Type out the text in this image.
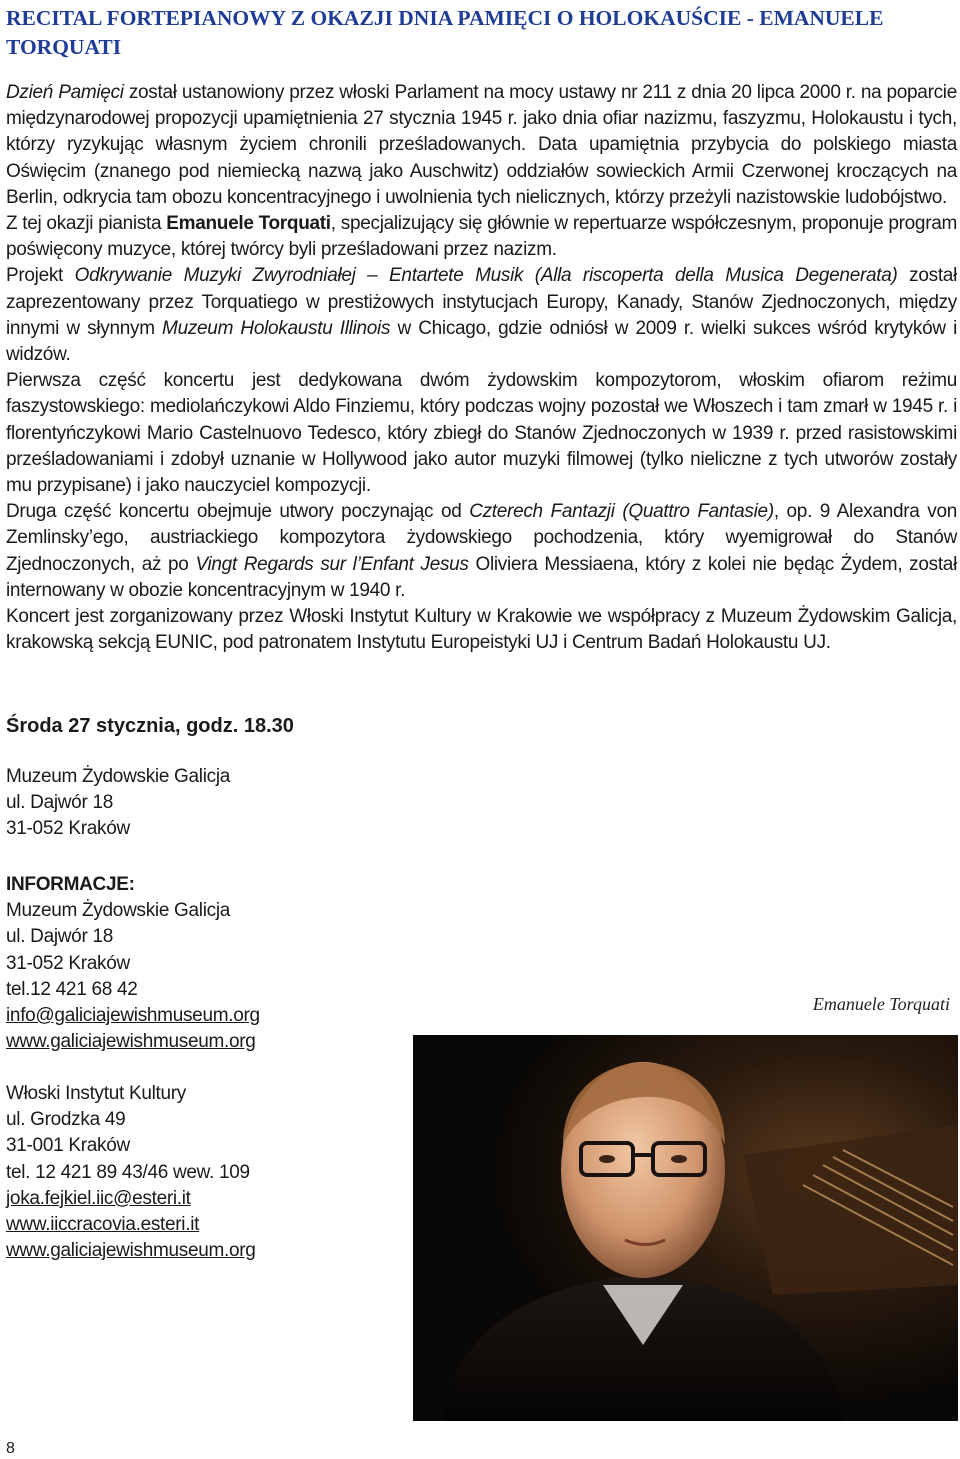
RECITAL FORTEPIANOWY Z OKAZJI DNIA PAMIĘCI O HOLOKAUŚCIE - EMANUELE TORQUATI

Dzień Pamięci został ustanowiony przez włoski Parlament na mocy ustawy nr 211 z dnia 20 lipca 2000 r. na poparcie międzynarodowej propozycji upamiętnienia 27 stycznia 1945 r. jako dnia ofiar nazizmu, faszyzmu, Holokaustu i tych, którzy ryzykując własnym życiem chronili prześladowanych. Data upamiętnia przybycia do polskiego miasta Oświęcim (znanego pod niemiecką nazwą jako Auschwitz) oddziałów sowieckich Armii Czerwonej kroczących na Berlin, odkrycia tam obozu koncentracyjnego i uwolnienia tych nielicznych, którzy przeżyli nazistowskie ludobójstwo.

Z tej okazji pianista Emanuele Torquati, specjalizujący się głównie w repertuarze współczesnym, proponuje program poświęcony muzyce, której twórcy byli prześladowani przez nazizm.

Projekt Odkrywanie Muzyki Zwyrodniałej – Entartete Musik (Alla riscoperta della Musica Degenerata) został zaprezentowany przez Torquatiego w prestiżowych instytucjach Europy, Kanady, Stanów Zjednoczonych, między innymi w słynnym Muzeum Holokaustu Illinois w Chicago, gdzie odniósł w 2009 r. wielki sukces wśród krytyków i widzów.

Pierwsza część koncertu jest dedykowana dwóm żydowskim kompozytorom, włoskim ofiarom reżimu faszystowskiego: mediolańczykowi Aldo Finziemu, który podczas wojny pozostał we Włoszech i tam zmarł w 1945 r. i florentyńczykowi Mario Castelnuovo Tedesco, który zbiegł do Stanów Zjednoczonych w 1939 r. przed rasistowskimi prześladowaniami i zdobył uznanie w Hollywood jako autor muzyki filmowej (tylko nieliczne z tych utworów zostały mu przypisane) i jako nauczyciel kompozycji.

Druga część koncertu obejmuje utwory poczynając od Czterech Fantazji (Quattro Fantasie), op. 9 Alexandra von Zemlinsky’ego, austriackiego kompozytora żydowskiego pochodzenia, który wyemigrował do Stanów Zjednoczonych, aż po Vingt Regards sur l’Enfant Jesus Oliviera Messiaena, który z kolei nie będąc Żydem, został internowany w obozie koncentracyjnym w 1940 r.

Koncert jest zorganizowany przez Włoski Instytut Kultury w Krakowie we współpracy z Muzeum Żydowskim Galicja, krakowską sekcją EUNIC, pod patronatem Instytutu Europeistyki UJ i Centrum Badań Holokaustu UJ.

Środa 27 stycznia, godz. 18.30
Muzeum Żydowskie Galicja
ul. Dajwór 18
31-052 Kraków
INFORMACJE:
Muzeum Żydowskie Galicja
ul. Dajwór 18
31-052 Kraków
tel.12 421 68 42
info@galiciajewishmuseum.org
www.galiciajewishmuseum.org
Włoski Instytut Kultury
ul. Grodzka 49
31-001 Kraków
tel. 12 421 89 43/46 wew. 109
joka.fejkiel.iic@esteri.it
www.iiccracovia.esteri.it
www.galiciajewishmuseum.org
Emanuele Torquati
8
